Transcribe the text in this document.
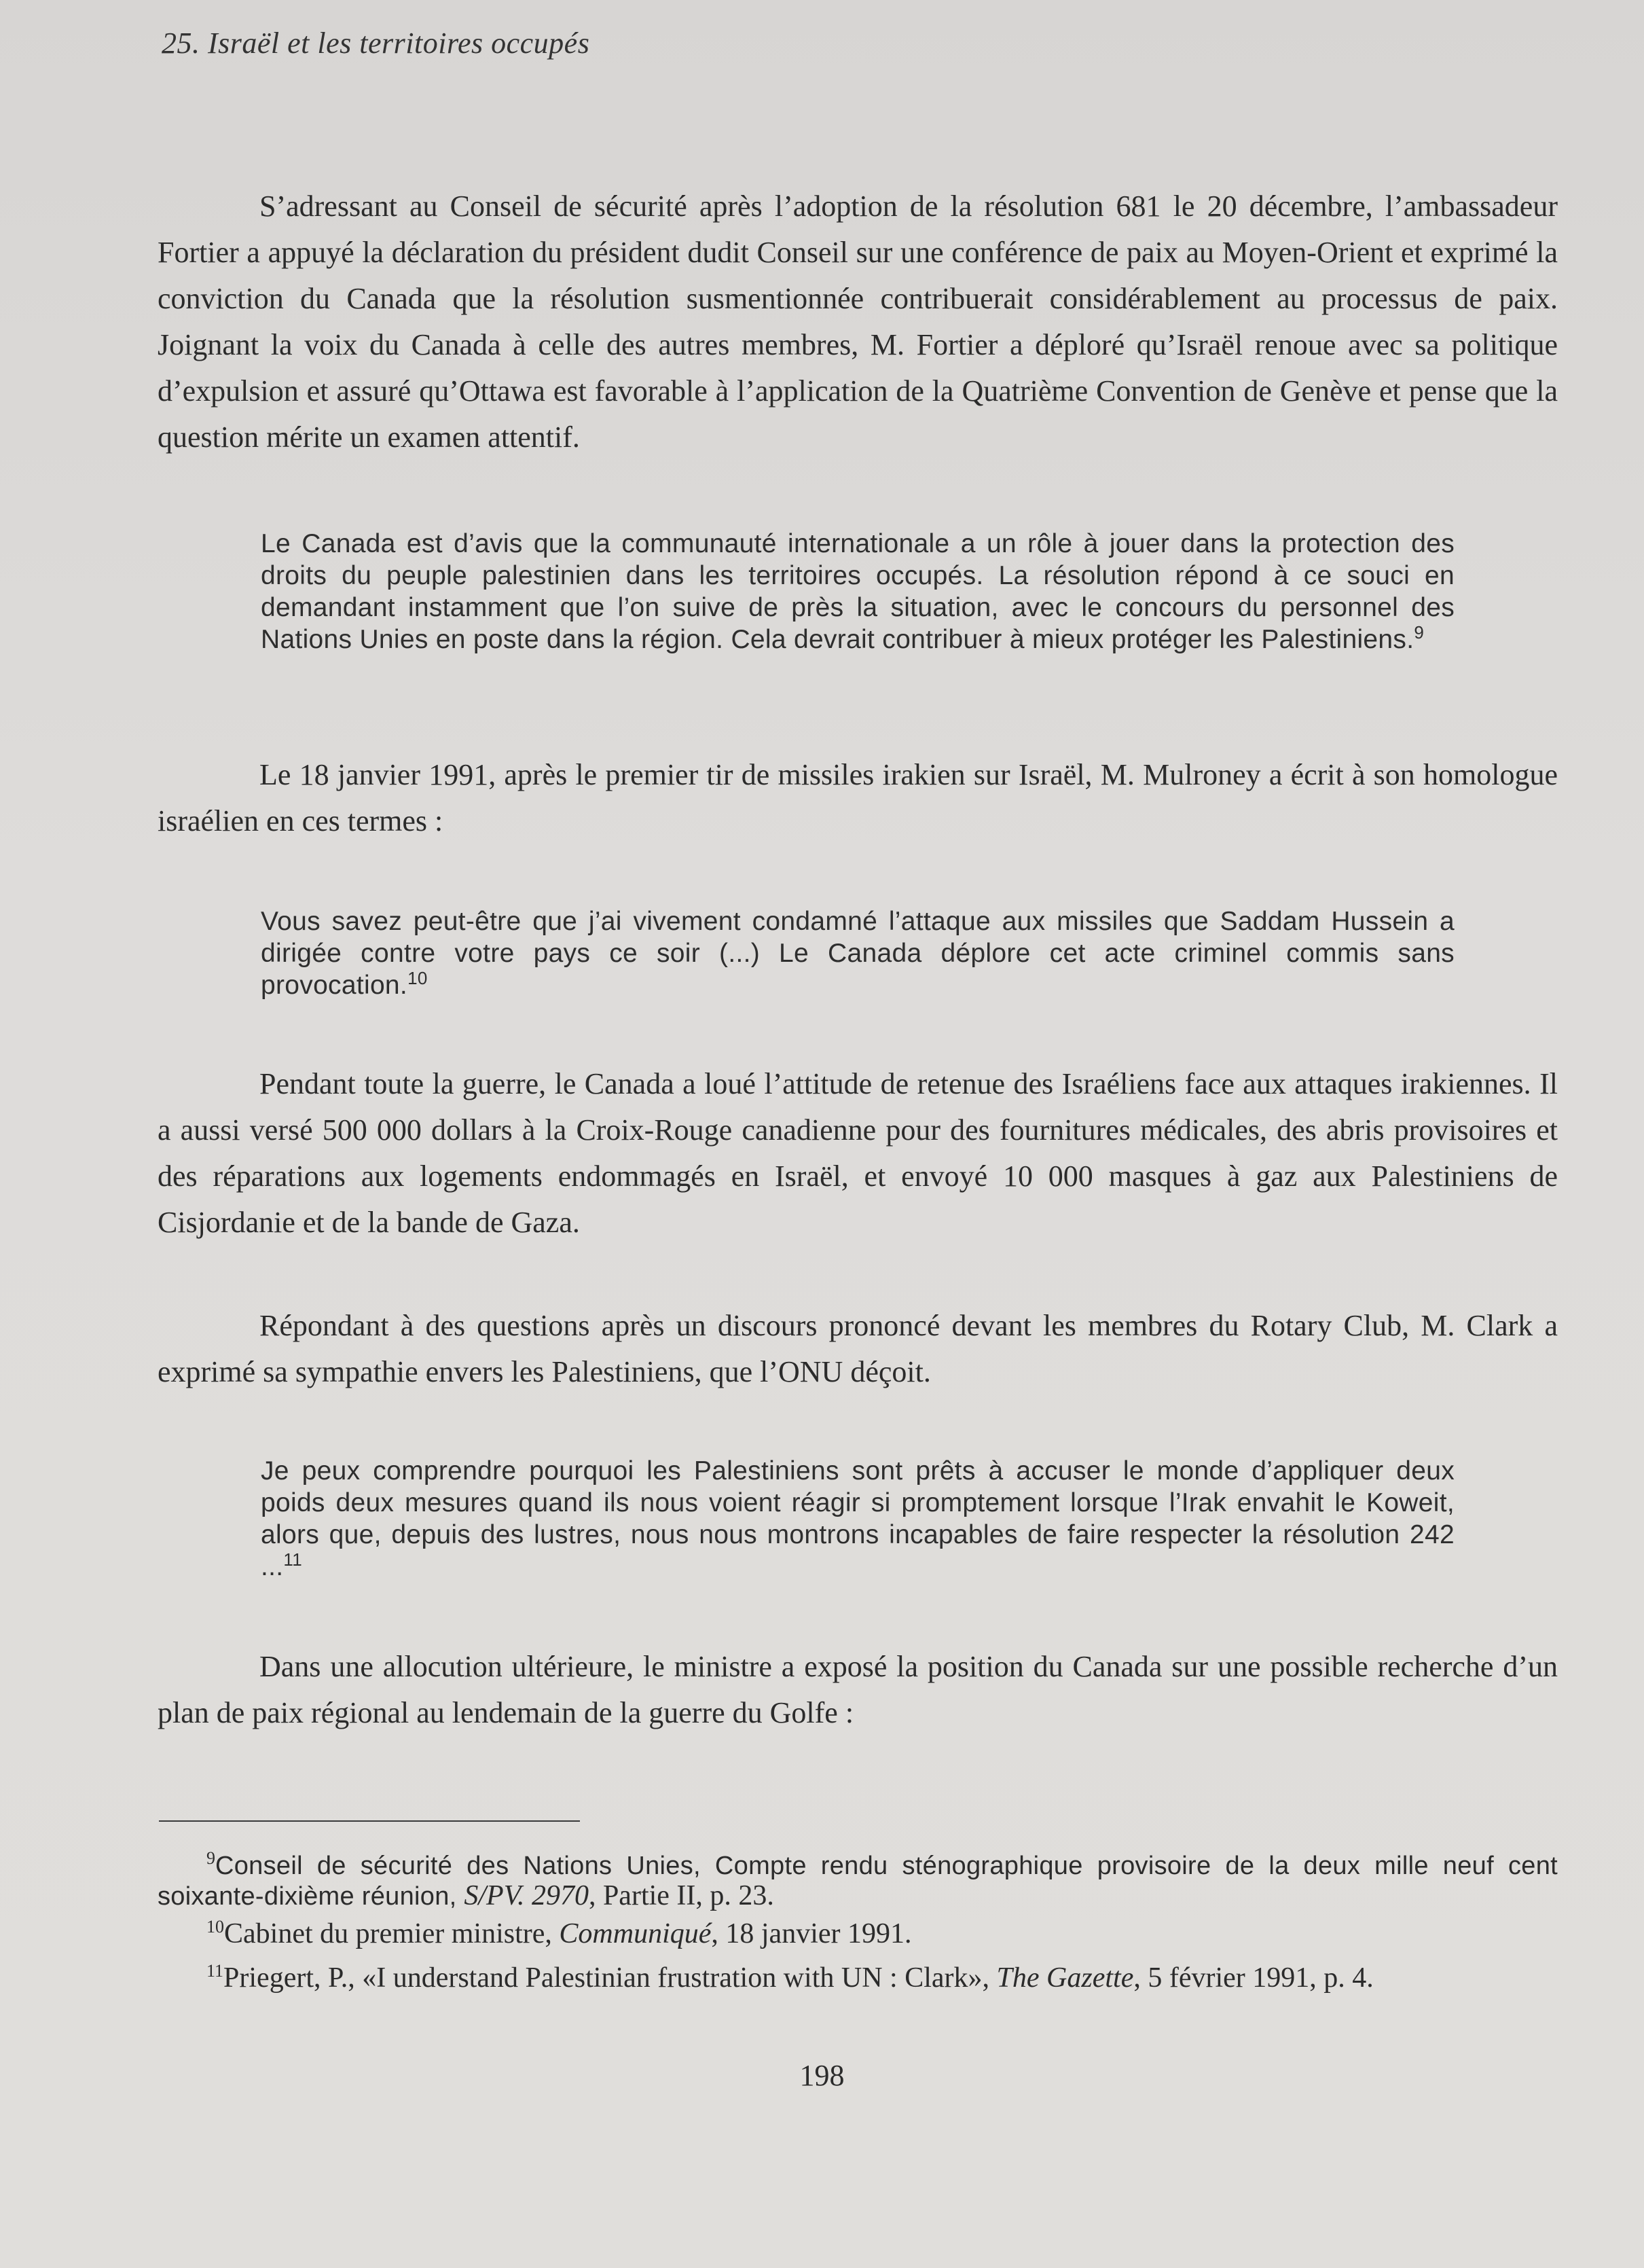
25. Israël et les territoires occupés

S’adressant au Conseil de sécurité après l’adoption de la résolution 681 le 20 décembre, l’ambassadeur Fortier a appuyé la déclaration du président dudit Conseil sur une conférence de paix au Moyen-Orient et exprimé la conviction du Canada que la résolution susmentionnée contribuerait considérablement au processus de paix. Joignant la voix du Canada à celle des autres membres, M. Fortier a déploré qu’Israël renoue avec sa politique d’expulsion et assuré qu’Ottawa est favorable à l’application de la Quatrième Convention de Genève et pense que la question mérite un examen attentif.

Le Canada est d’avis que la communauté internationale a un rôle à jouer dans la protection des droits du peuple palestinien dans les territoires occupés. La résolution répond à ce souci en demandant instamment que l’on suive de près la situation, avec le concours du personnel des Nations Unies en poste dans la région. Cela devrait contribuer à mieux protéger les Palestiniens.$^9$

Le 18 janvier 1991, après le premier tir de missiles irakien sur Israël, M. Mulroney a écrit à son homologue israélien en ces termes :

Vous savez peut-être que j’ai vivement condamné l’attaque aux missiles que Saddam Hussein a dirigée contre votre pays ce soir (...) Le Canada déplore cet acte criminel commis sans provocation.$^{10}$

Pendant toute la guerre, le Canada a loué l’attitude de retenue des Israéliens face aux attaques irakiennes. Il a aussi versé 500 000 dollars à la Croix-Rouge canadienne pour des fournitures médicales, des abris provisoires et des réparations aux logements endommagés en Israël, et envoyé 10 000 masques à gaz aux Palestiniens de Cisjordanie et de la bande de Gaza.

Répondant à des questions après un discours prononcé devant les membres du Rotary Club, M. Clark a exprimé sa sympathie envers les Palestiniens, que l’ONU déçoit.

Je peux comprendre pourquoi les Palestiniens sont prêts à accuser le monde d’appliquer deux poids deux mesures quand ils nous voient réagir si promptement lorsque l’Irak envahit le Koweit, alors que, depuis des lustres, nous nous montrons incapables de faire respecter la résolution 242 ...$^{11}$

Dans une allocution ultérieure, le ministre a exposé la position du Canada sur une possible recherche d’un plan de paix régional au lendemain de la guerre du Golfe :

$^9$Conseil de sécurité des Nations Unies, Compte rendu sténographique provisoire de la deux mille neuf cent soixante-dixième réunion, S/PV. 2970, Partie II, p. 23.

$^{10}$Cabinet du premier ministre, Communiqué, 18 janvier 1991.

$^{11}$Priegert, P., «I understand Palestinian frustration with UN : Clark», The Gazette, 5 février 1991, p. 4.

198
